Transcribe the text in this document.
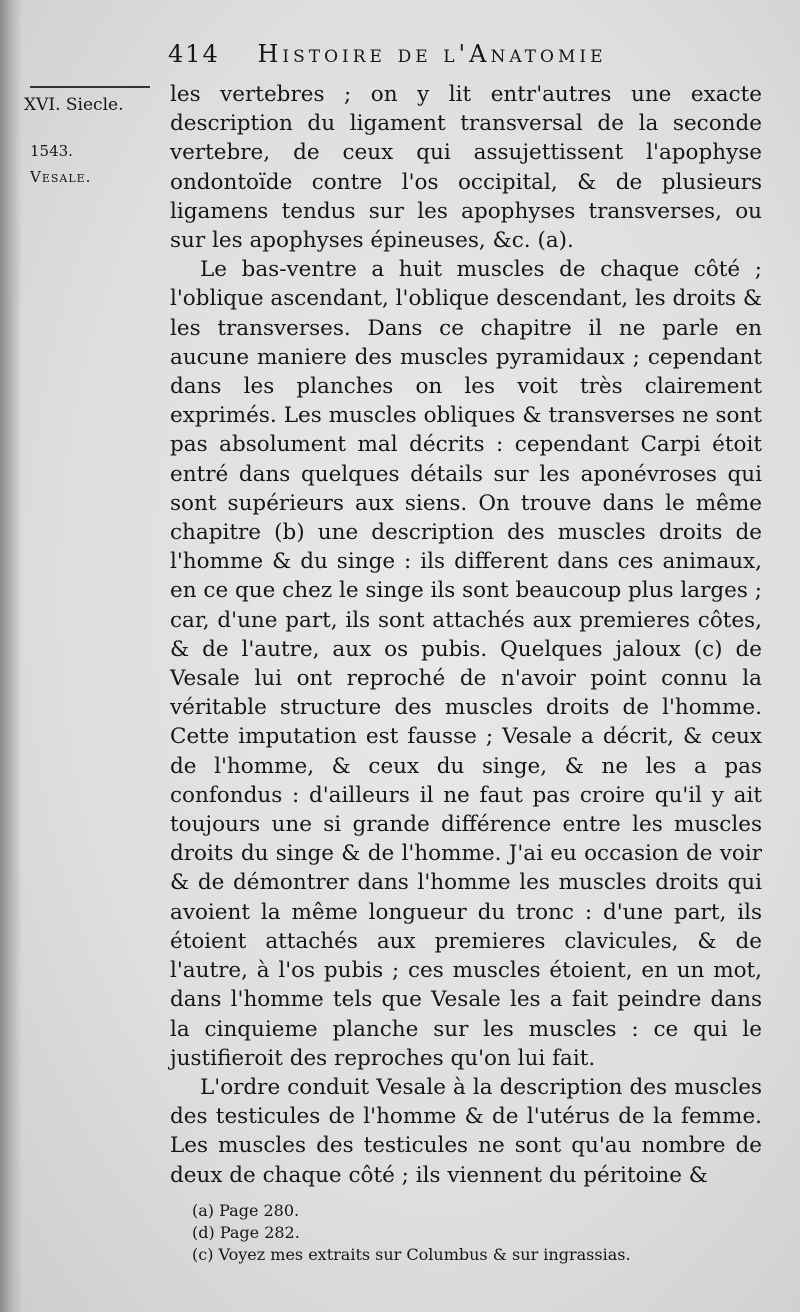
414 Histoire de l'Anatomie
XVI. Siecle.
1543.
Vesale.

les vertebres ; on y lit entr'autres une exacte description du ligament transversal de la seconde vertebre, de ceux qui assujettissent l'apophyse ondontoïde contre l'os occipital, & de plusieurs ligamens tendus sur les apophyses transverses, ou sur les apophyses épineuses, &c. (a).

Le bas-ventre a huit muscles de chaque côté ; l'oblique ascendant, l'oblique descendant, les droits & les transverses. Dans ce chapitre il ne parle en aucune maniere des muscles pyramidaux ; cependant dans les planches on les voit très clairement exprimés. Les muscles obliques & transverses ne sont pas absolument mal décrits : cependant Carpi étoit entré dans quelques détails sur les aponévroses qui sont supérieurs aux siens. On trouve dans le même chapitre (b) une description des muscles droits de l'homme & du singe : ils different dans ces animaux, en ce que chez le singe ils sont beaucoup plus larges ; car, d'une part, ils sont attachés aux premieres côtes, & de l'autre, aux os pubis. Quelques jaloux (c) de Vesale lui ont reproché de n'avoir point connu la véritable structure des muscles droits de l'homme. Cette imputation est fausse ; Vesale a décrit, & ceux de l'homme, & ceux du singe, & ne les a pas confondus : d'ailleurs il ne faut pas croire qu'il y ait toujours une si grande différence entre les muscles droits du singe & de l'homme. J'ai eu occasion de voir & de démontrer dans l'homme les muscles droits qui avoient la même longueur du tronc : d'une part, ils étoient attachés aux premieres clavicules, & de l'autre, à l'os pubis ; ces muscles étoient, en un mot, dans l'homme tels que Vesale les a fait peindre dans la cinquieme planche sur les muscles : ce qui le justifieroit des reproches qu'on lui fait.

L'ordre conduit Vesale à la description des muscles des testicules de l'homme & de l'utérus de la femme. Les muscles des testicules ne sont qu'au nombre de deux de chaque côté ; ils viennent du péritoine &

(a) Page 280.
(d) Page 282.
(c) Voyez mes extraits sur Columbus & sur ingrassias.
